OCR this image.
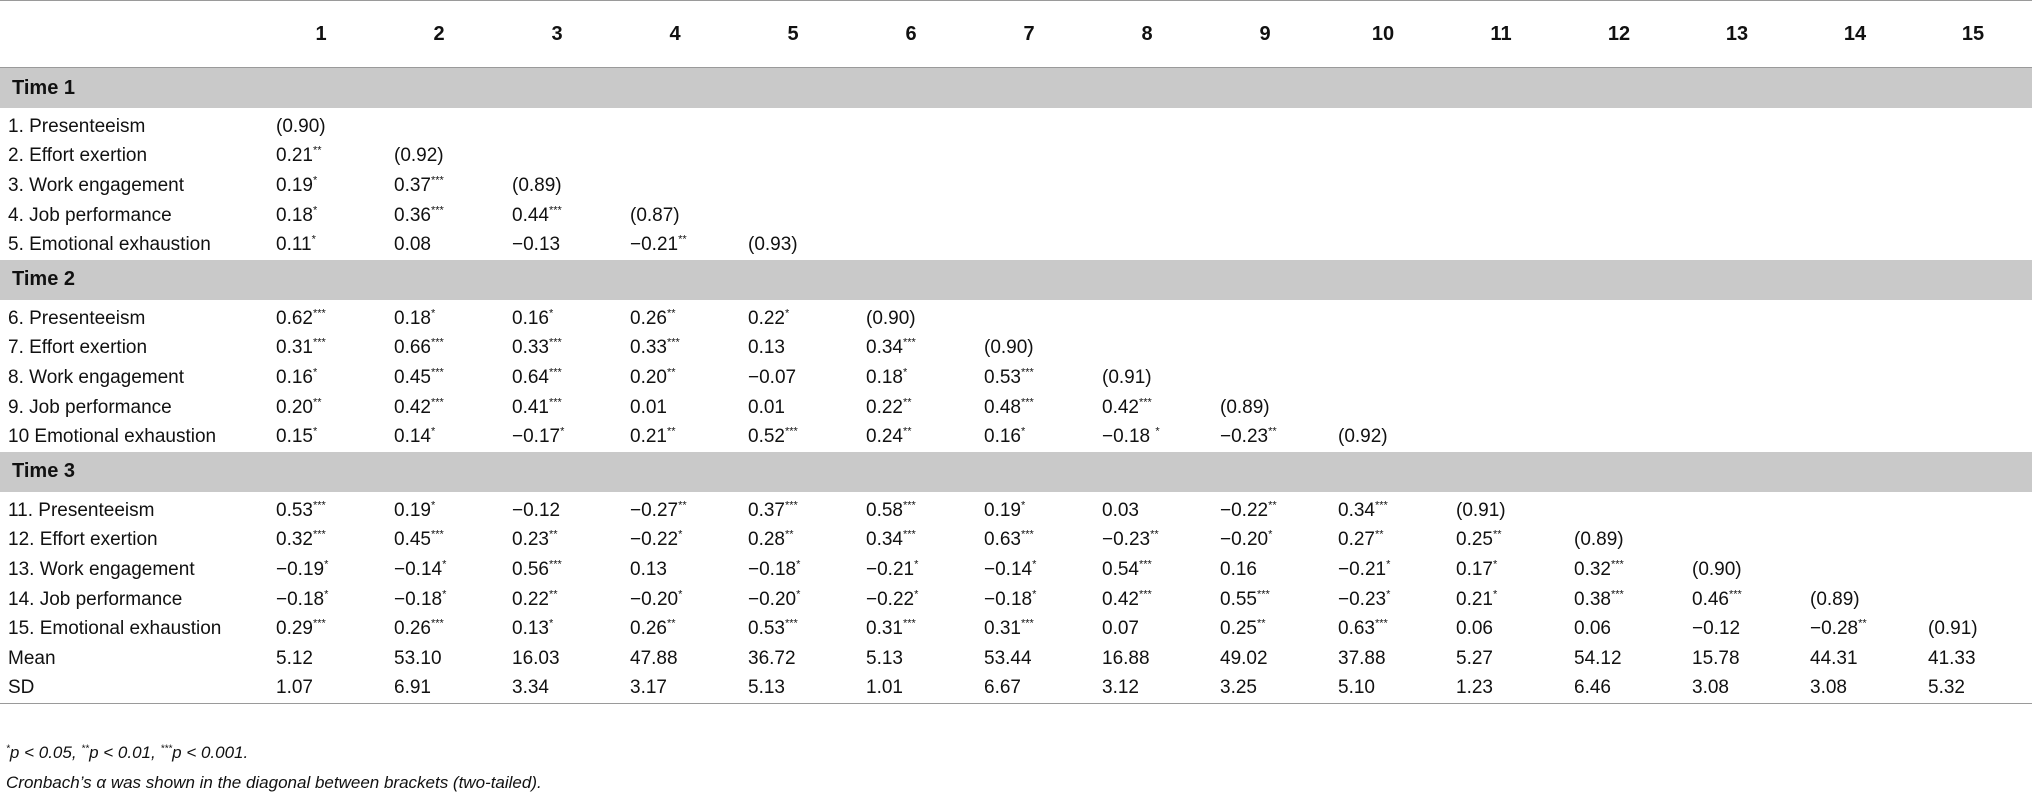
	1	2	3	4	5	6	7	8	9	10	11	12	13	14	15
Time 1															

1. Presenteeism	(0.90)														
2. Effort exertion	0.21**	(0.92)													
3. Work engagement	0.19*	0.37***	(0.89)												
4. Job performance	0.18*	0.36***	0.44***	(0.87)											
5. Emotional exhaustion	0.11*	0.08	−0.13	−0.21**	(0.93)										
Time 2															

6. Presenteeism	0.62***	0.18*	0.16*	0.26**	0.22*	(0.90)									
7. Effort exertion	0.31***	0.66***	0.33***	0.33***	0.13	0.34***	(0.90)								
8. Work engagement	0.16*	0.45***	0.64***	0.20**	−0.07	0.18*	0.53***	(0.91)							
9. Job performance	0.20**	0.42***	0.41***	0.01	0.01	0.22**	0.48***	0.42***	(0.89)						
10 Emotional exhaustion	0.15*	0.14*	−0.17*	0.21**	0.52***	0.24**	0.16*	−0.18 *	−0.23**	(0.92)					
Time 3															

11. Presenteeism	0.53***	0.19*	−0.12	−0.27**	0.37***	0.58***	0.19*	0.03	−0.22**	0.34***	(0.91)				
12. Effort exertion	0.32***	0.45***	0.23**	−0.22*	0.28**	0.34***	0.63***	−0.23**	−0.20*	0.27**	0.25**	(0.89)			
13. Work engagement	−0.19*	−0.14*	0.56***	0.13	−0.18*	−0.21*	−0.14*	0.54***	0.16	−0.21*	0.17*	0.32***	(0.90)		
14. Job performance	−0.18*	−0.18*	0.22**	−0.20*	−0.20*	−0.22*	−0.18*	0.42***	0.55***	−0.23*	0.21*	0.38***	0.46***	(0.89)	
15. Emotional exhaustion	0.29***	0.26***	0.13*	0.26**	0.53***	0.31***	0.31***	0.07	0.25**	0.63***	0.06	0.06	−0.12	−0.28**	(0.91)
Mean	5.12	53.10	16.03	47.88	36.72	5.13	53.44	16.88	49.02	37.88	5.27	54.12	15.78	44.31	41.33
SD	1.07	6.91	3.34	3.17	5.13	1.01	6.67	3.12	3.25	5.10	1.23	6.46	3.08	3.08	5.32
*p < 0.05, **p < 0.01, ***p < 0.001.
Cronbach’s α was shown in the diagonal between brackets (two-tailed).
